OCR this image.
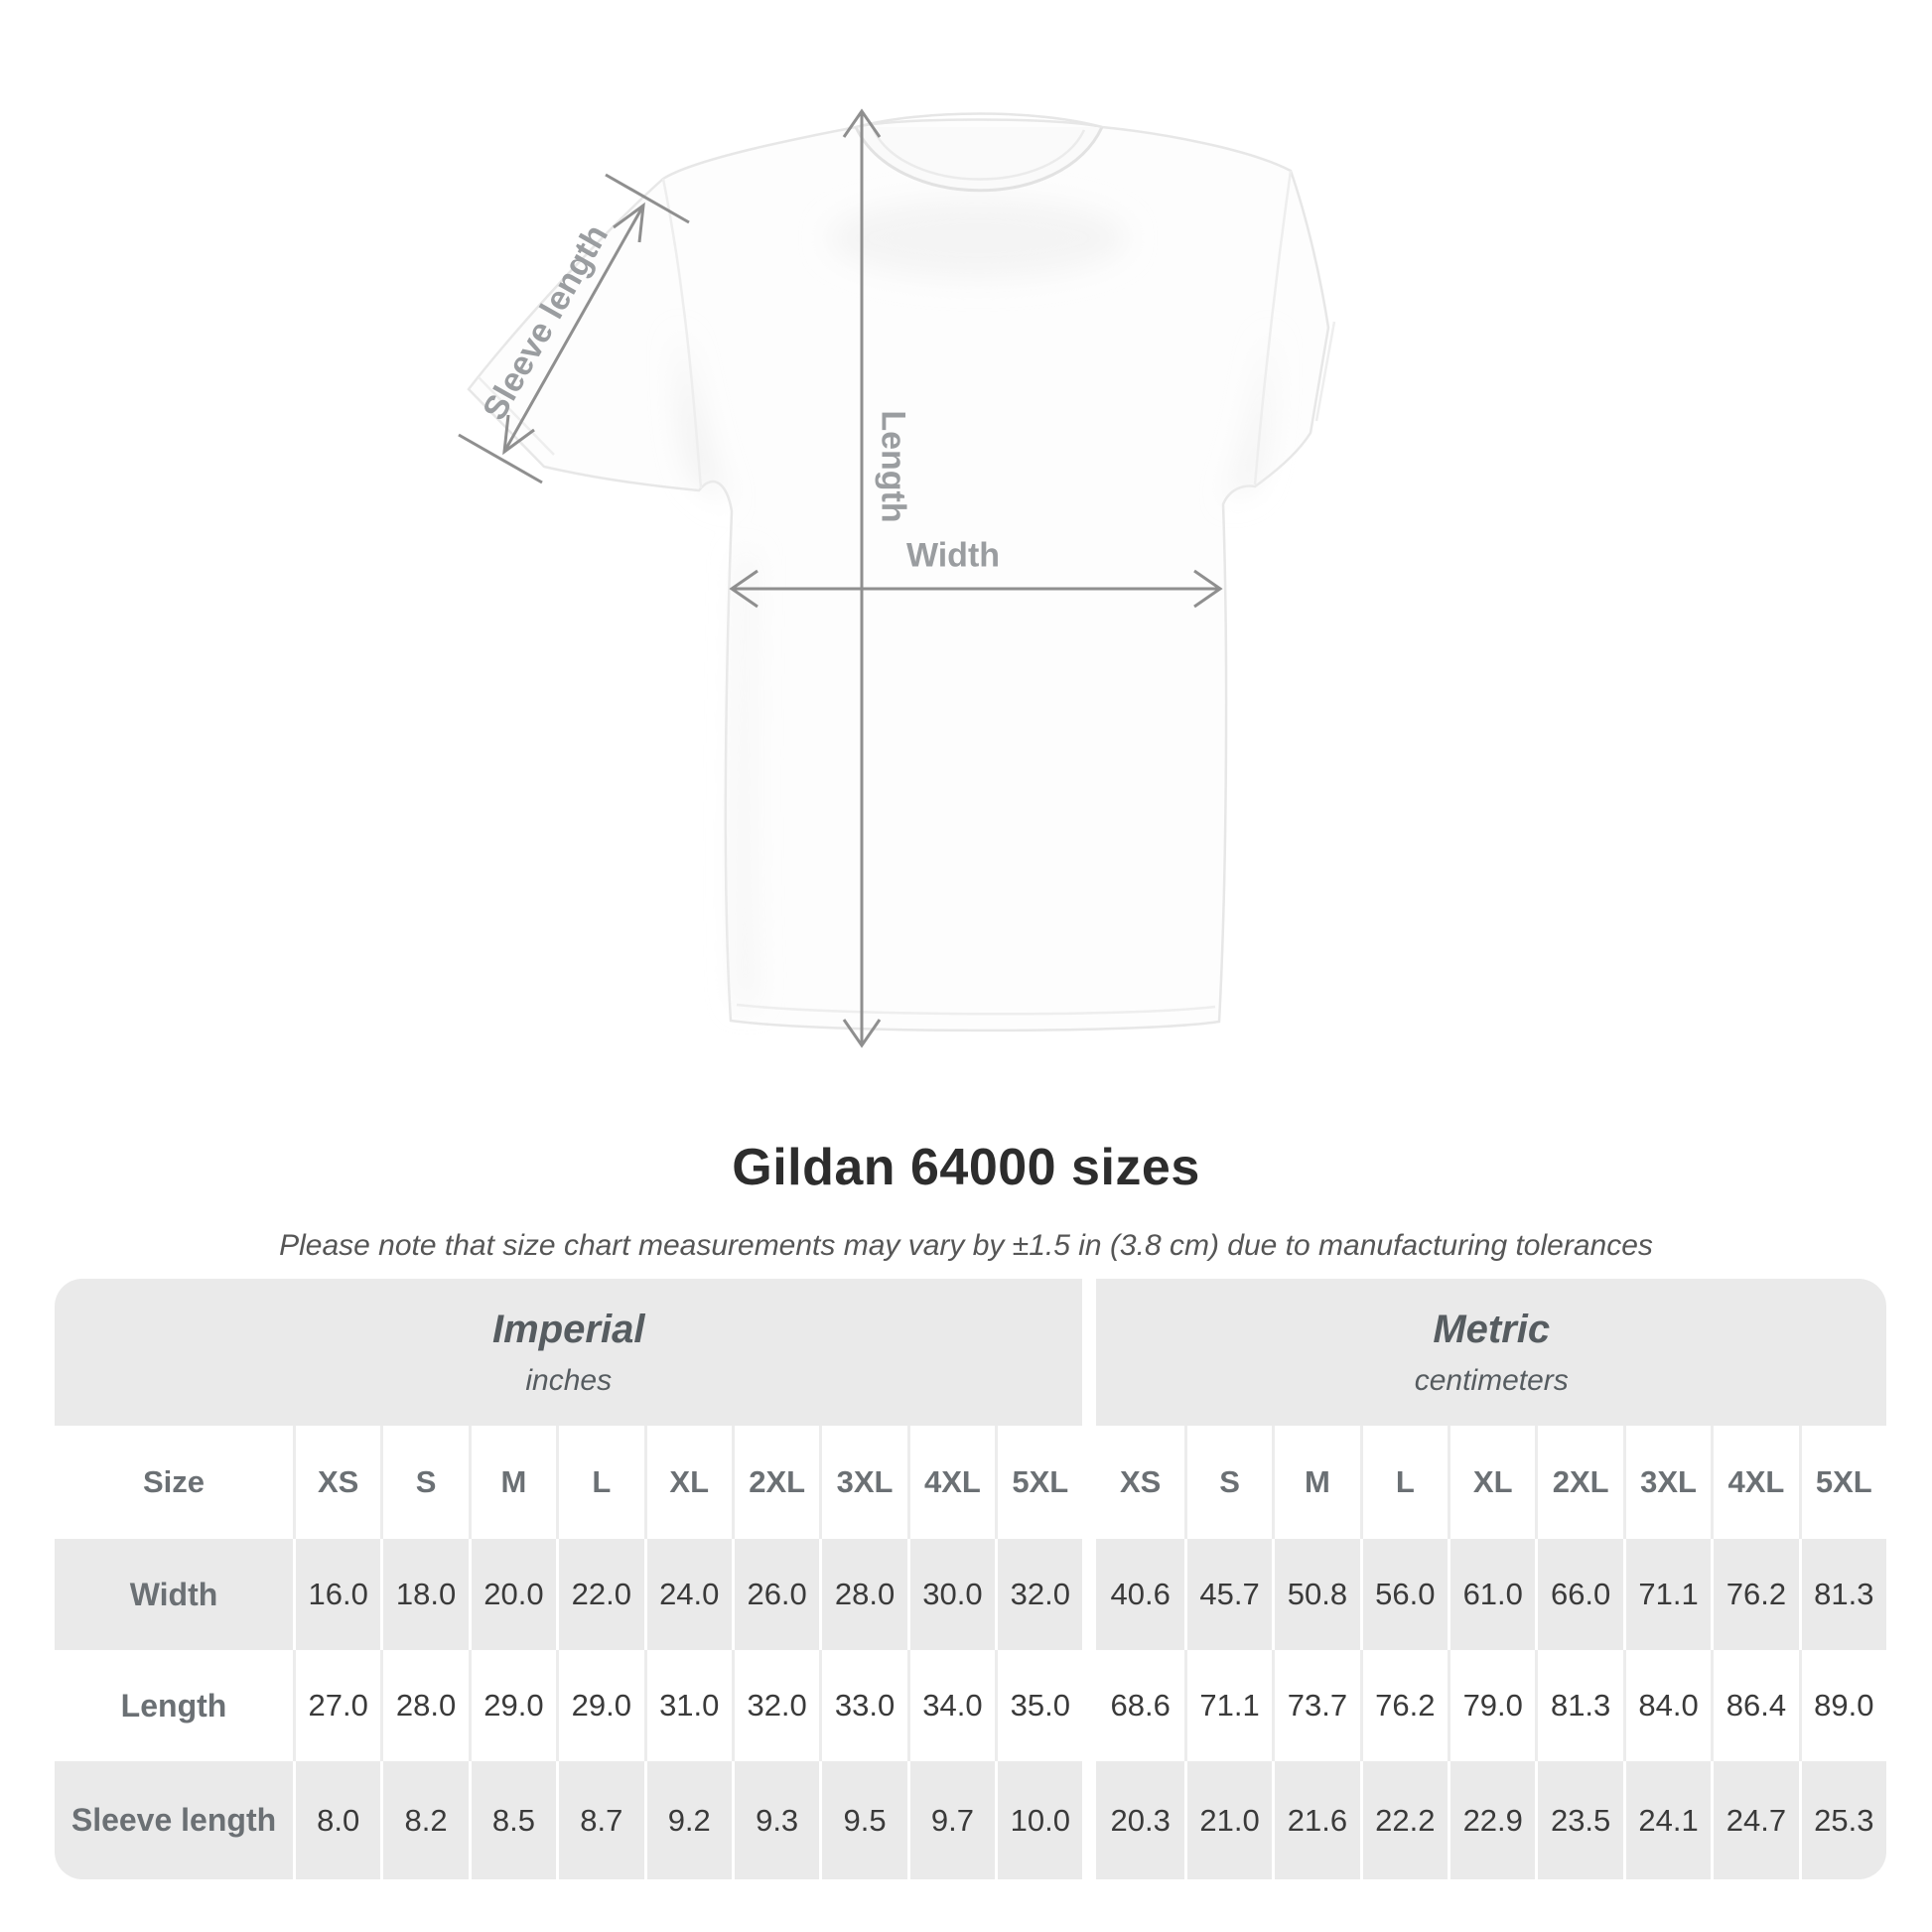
Sleeve length
Length
Width
Gildan 64000 sizes
Please note that size chart measurements may vary by ±1.5 in (3.8 cm) due to manufacturing tolerances
Imperial
inches
Metric
centimeters
Size	XS	S	M	L	XL	2XL	3XL	4XL	5XL	XS	S	M	L	XL	2XL	3XL	4XL	5XL
Width	16.0 18.0 20.0 22.0 24.0 26.0 28.0 30.0 32.0	40.6 45.7 50.8 56.0 61.0 66.0 71.1 76.2 81.3
Length	27.0 28.0 29.0 29.0 31.0 32.0 33.0 34.0 35.0	68.6 71.1 73.7 76.2 79.0 81.3 84.0 86.4 89.0
Sleeve length	8.0	8.2	8.5	8.7	9.2	9.3	9.5	9.7	10.0	20.3 21.0 21.6 22.2 22.9 23.5 24.1 24.7 25.3
